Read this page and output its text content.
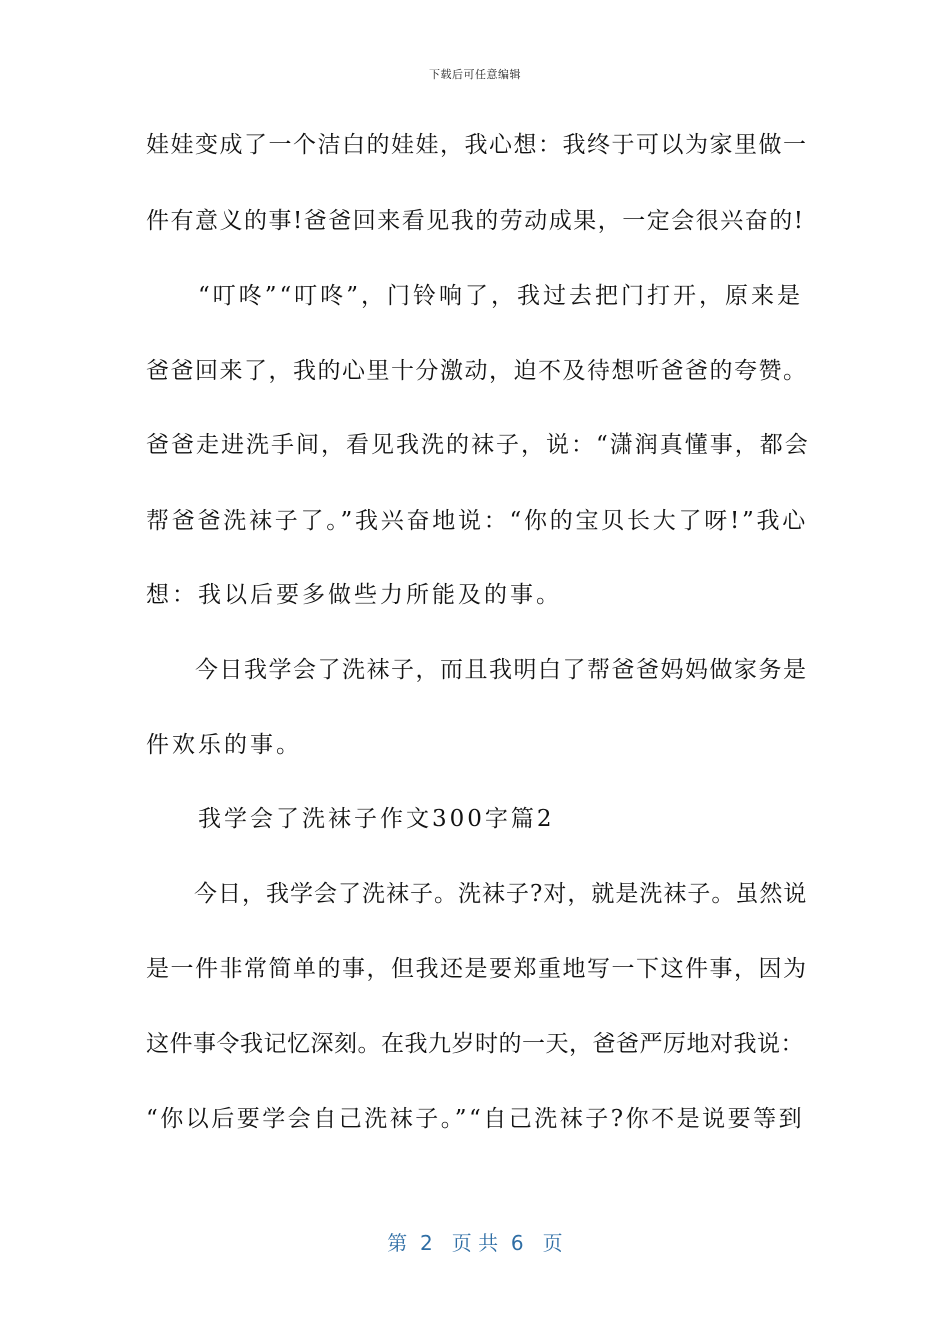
下载后可任意编辑
娃娃变成了一个洁白的娃娃，我心想：我终于可以为家里做一
件有意义的事!爸爸回来看见我的劳动成果，一定会很兴奋的!
　　“叮咚”“叮咚”，门铃响了，我过去把门打开，原来是
爸爸回来了，我的心里十分激动，迫不及待想听爸爸的夸赞。
爸爸走进洗手间，看见我洗的袜子，说：“潇润真懂事，都会
帮爸爸洗袜子了。”我兴奋地说：“你的宝贝长大了呀!”我心
想：我以后要多做些力所能及的事。
　　今日我学会了洗袜子，而且我明白了帮爸爸妈妈做家务是
件欢乐的事。
　　我学会了洗袜子作文300字篇2
　　今日，我学会了洗袜子。洗袜子?对，就是洗袜子。虽然说
是一件非常简单的事，但我还是要郑重地写一下这件事，因为
这件事令我记忆深刻。在我九岁时的一天，爸爸严厉地对我说：
“你以后要学会自己洗袜子。”“自己洗袜子?你不是说要等到
第  2   页 共  6   页
